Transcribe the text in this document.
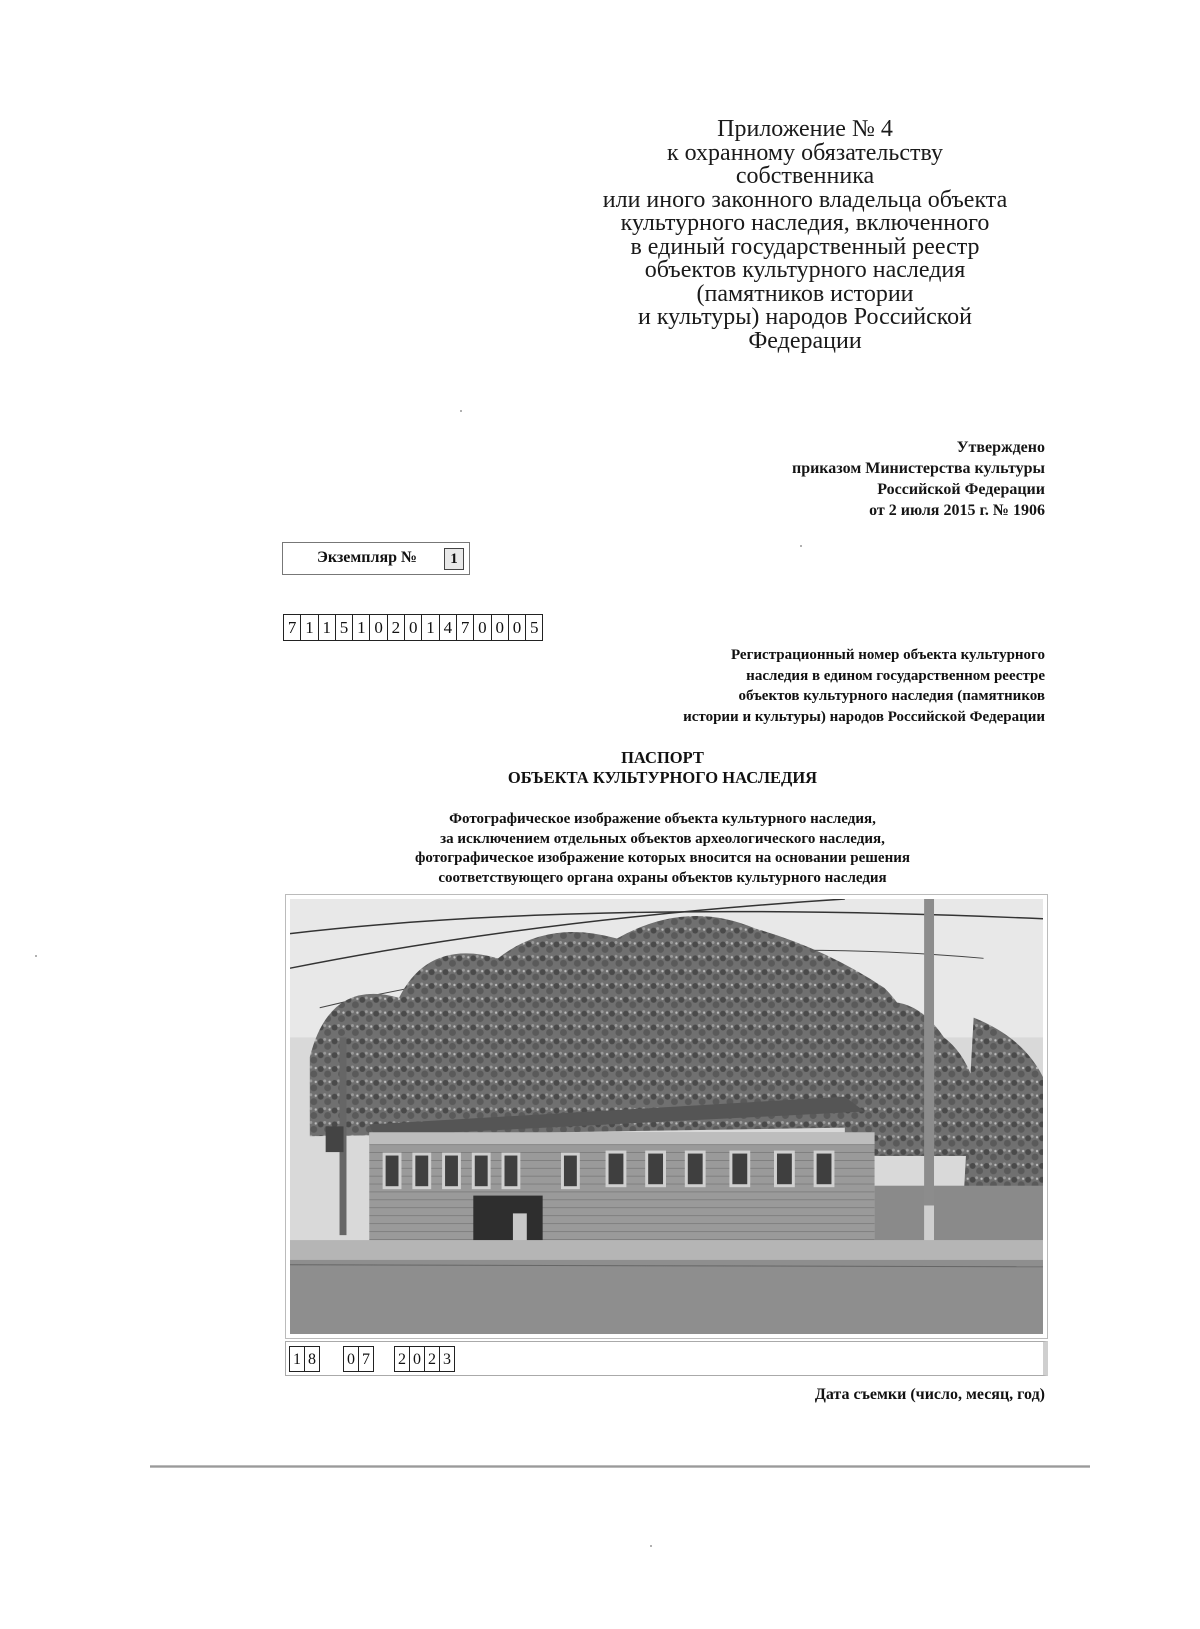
Приложение № 4
к охранному обязательству
собственника
или иного законного владельца объекта
культурного наследия, включенного
в единый государственный реестр
объектов культурного наследия
(памятников истории
и культуры) народов Российской
Федерации
Утверждено
приказом Министерства культуры
Российской Федерации
от 2 июля 2015 г. № 1906
Экземпляр №	1
7 1 1 5 1 0 2 0 1 4 7 0 0 0 5
Регистрационный номер объекта культурного
наследия в едином государственном реестре
объектов культурного наследия (памятников
истории и культуры) народов Российской Федерации
ПАСПОРТ
ОБЪЕКТА КУЛЬТУРНОГО НАСЛЕДИЯ
Фотографическое изображение объекта культурного наследия,
за исключением отдельных объектов археологического наследия,
фотографическое изображение которых вносится на основании решения
соответствующего органа охраны объектов культурного наследия
1 8 0 7 2 0 2 3
Дата съемки (число, месяц, год)
